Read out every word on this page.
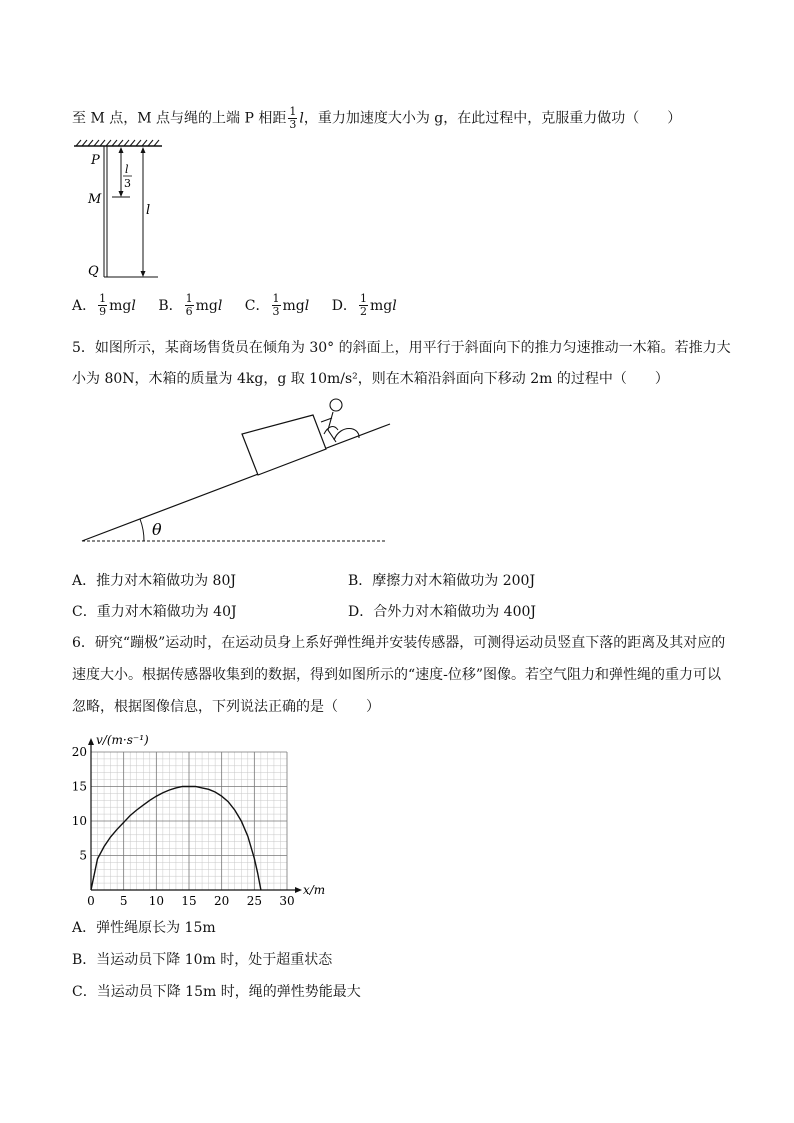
至 M 点，M 点与绳的上端 P 相距 $\frac{1}{3}$ l，重力加速度大小为 g，在此过程中，克服重力做功（　　）
P
M
Q
l
3
l
A． $\frac{1}{9}$ mgl B． $\frac{1}{6}$ mgl C． $\frac{1}{3}$ mgl D． $\frac{1}{2}$ mgl
5．如图所示，某商场售货员在倾角为 30° 的斜面上，用平行于斜面向下的推力匀速推动一木箱。若推力大
小为 80N，木箱的质量为 4kg，g 取 10m/s²，则在木箱沿斜面向下移动 2m 的过程中（　　）
θ
A．推力对木箱做功为 80J	B．摩擦力对木箱做功为 200J
C．重力对木箱做功为 40J	D．合外力对木箱做功为 400J
6．研究“蹦极”运动时，在运动员身上系好弹性绳并安装传感器，可测得运动员竖直下落的距离及其对应的
速度大小。根据传感器收集到的数据，得到如图所示的“速度-位移”图像。若空气阻力和弹性绳的重力可以
忽略，根据图像信息，下列说法正确的是（　　）
v/(m·s⁻¹)
x/m
0 5 10 15 20 25 30
5
10
15
20
A．弹性绳原长为 15m
B．当运动员下降 10m 时，处于超重状态
C．当运动员下降 15m 时，绳的弹性势能最大
